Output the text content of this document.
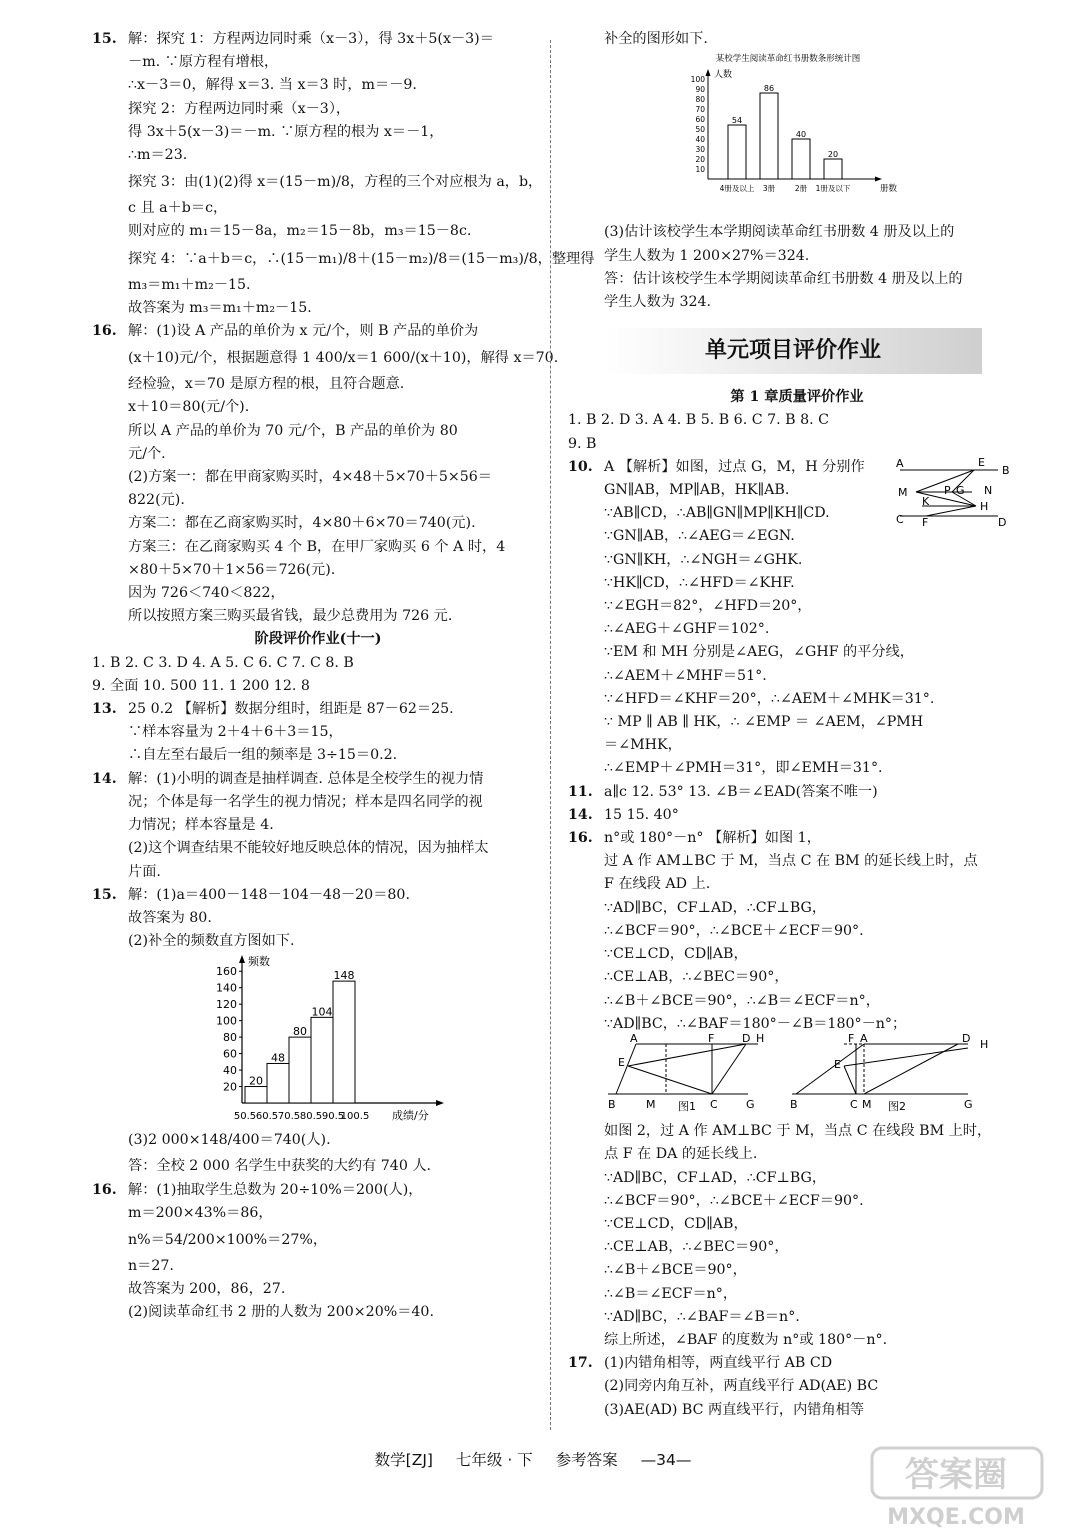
15. 解：探究 1：方程两边同时乘（x－3），得 3x＋5(x－3)＝

－m. ∵原方程有增根，

∴x－3＝0，解得 x＝3. 当 x＝3 时，m＝－9.

探究 2：方程两边同时乘（x－3），

得 3x＋5(x－3)＝－m. ∵原方程的根为 x＝－1，

∴m＝23.

探究 3：由(1)(2)得 x＝(15－m)/8，方程的三个对应根为 a，b，

c 且 a＋b＝c，

则对应的 m₁＝15－8a，m₂＝15－8b，m₃＝15－8c.

探究 4：∵a＋b＝c，∴(15－m₁)/8＋(15－m₂)/8＝(15－m₃)/8，整理得

m₃＝m₁＋m₂－15.

故答案为 m₃＝m₁＋m₂－15.

16. 解：(1)设 A 产品的单价为 x 元/个，则 B 产品的单价为

(x＋10)元/个，根据题意得 1 400/x＝1 600/(x＋10)，解得 x＝70.

经检验，x＝70 是原方程的根，且符合题意.

x＋10＝80(元/个).

所以 A 产品的单价为 70 元/个，B 产品的单价为 80

元/个.

(2)方案一：都在甲商家购买时，4×48＋5×70＋5×56＝

822(元).

方案二：都在乙商家购买时，4×80＋6×70＝740(元).

方案三：在乙商家购买 4 个 B，在甲厂家购买 6 个 A 时，4

×80＋5×70＋1×56＝726(元).

因为 726＜740＜822，

所以按照方案三购买最省钱，最少总费用为 726 元.

阶段评价作业(十一)

1. B 2. C 3. D 4. A 5. C 6. C 7. C 8. B

9. 全面 10. 500 11. 1 200 12. 8

13. 25 0.2 【解析】数据分组时，组距是 87－62＝25.

∵样本容量为 2＋4＋6＋3＝15，

∴自左至右最后一组的频率是 3÷15＝0.2.

14. 解：(1)小明的调查是抽样调查. 总体是全校学生的视力情

况；个体是每一名学生的视力情况；样本是四名同学的视

力情况；样本容量是 4.

(2)这个调查结果不能较好地反映总体的情况，因为抽样太

片面.

15. 解：(1)a＝400－148－104－48－20＝80.

故答案为 80.

(2)补全的频数直方图如下.

频数
成绩/分
20
40
60
80
100
120
140
160
20
48
80
104
148
50.5 60.5 70.5 80.5 90.5
100.5

(3)2 000×148/400＝740(人).

答：全校 2 000 名学生中获奖的大约有 740 人.

16. 解：(1)抽取学生总数为 20÷10%＝200(人)，

m＝200×43%＝86，

n%＝54/200×100%＝27%，

n＝27.

故答案为 200，86，27.

(2)阅读革命红书 2 册的人数为 200×20%＝40.

补全的图形如下.

某校学生阅读革命红书册数条形统计图
人数
册数
10
20
30
40
50
60
70
80
90
100
54
4册及以上
86
3册
40
2册
20
1册及以下

(3)估计该校学生本学期阅读革命红书册数 4 册及以上的

学生人数为 1 200×27%＝324.

答：估计该校学生本学期阅读革命红书册数 4 册及以上的

学生人数为 324.

单元项目评价作业

第 1 章质量评价作业

1. B 2. D 3. A 4. B 5. B 6. C 7. B 8. C

9. B

10. A 【解析】如图，过点 G，M，H 分别作	A	E
B
M	P G N
K	H
C F	D

GN∥AB，MP∥AB，HK∥AB.

∵AB∥CD，∴AB∥GN∥MP∥KH∥CD.

∵GN∥AB，∴∠AEG＝∠EGN.

∵GN∥KH，∴∠NGH＝∠GHK.

∵HK∥CD，∴∠HFD＝∠KHF.

∵∠EGH＝82°，∠HFD＝20°，

∴∠AEG＋∠GHF＝102°.

∵EM 和 MH 分别是∠AEG，∠GHF 的平分线，

∴∠AEM＋∠MHF＝51°.

∵∠HFD＝∠KHF＝20°，∴∠AEM＋∠MHK＝31°.

∵ MP ∥ AB ∥ HK，∴ ∠EMP ＝ ∠AEM，∠PMH

＝∠MHK，

∴∠EMP＋∠PMH＝31°，即∠EMH＝31°.

11. a∥c 12. 53° 13. ∠B＝∠EAD(答案不唯一)

14. 15 15. 40°

16. n°或 180°－n° 【解析】如图 1，

过 A 作 AM⊥BC 于 M，当点 C 在 BM 的延长线上时，点

F 在线段 AD 上.

∵AD∥BC，CF⊥AD，∴CF⊥BG，

∴∠BCF＝90°，∴∠BCE＋∠ECF＝90°.

∵CE⊥CD，CD∥AB，

∴CE⊥AB，∴∠BEC＝90°，

∴∠B＋∠BCE＝90°，∴∠B＝∠ECF＝n°，

∵AD∥BC，∴∠BAF＝180°－∠B＝180°－n°；

A	F	D H
E
B	M	C	G
图1
F A	D H
E
B	C M	G
图2

如图 2，过 A 作 AM⊥BC 于 M，当点 C 在线段 BM 上时，

点 F 在 DA 的延长线上.

∵AD∥BC，CF⊥AD，∴CF⊥BG，

∴∠BCF＝90°，∴∠BCE＋∠ECF＝90°.

∵CE⊥CD，CD∥AB，

∴CE⊥AB，∴∠BEC＝90°，

∴∠B＋∠BCE＝90°，

∴∠B＝∠ECF＝n°，

∵AD∥BC，∴∠BAF＝∠B＝n°.

综上所述，∠BAF 的度数为 n°或 180°－n°.

17. (1)内错角相等，两直线平行 AB CD

(2)同旁内角互补，两直线平行 AD(AE) BC

(3)AE(AD) BC 两直线平行，内错角相等

数学[ZJ] 七年级 · 下 参考答案 —34—	答案圈
MXQE.COM
